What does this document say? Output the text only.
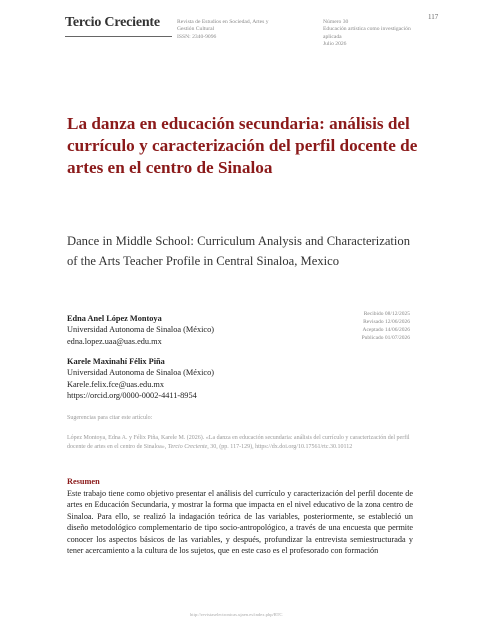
Tercio Creciente	Revista de Estudios en Sociedad, Artes y
Gestión Cultural
ISSN: 2340-9096
Número 30
Educación artística como investigación
aplicada
Julio 2026
117
La danza en educación secundaria: análisis del currículo y caracterización del perfil docente de artes en el centro de Sinaloa
Dance in Middle School: Curriculum Analysis and Characterization of the Arts Teacher Profile in Central Sinaloa, Mexico
Edna Anel López Montoya
Universidad Autonoma de Sinaloa (México)
edna.lopez.uaa@uas.edu.mx
Karele Maxinahí Félix Piña
Universidad Autonoma de Sinaloa (México)
Karele.felix.fce@uas.edu.mx
https://orcid.org/0000-0002-4411-8954
Recibido 08/12/2025
Revisado 12/06/2026
Aceptado 14/06/2026
Publicado 01/07/2026
Sugerencias para citar este artículo:
López Montoya, Edna A. y Félix Piña, Karele M. (2026). «La danza en educación secundaria: análisis del currículo y caracterización del perfil docente de artes en el centro de Sinaloa», Tercio Creciente, 30, (pp. 117-129), https://dx.doi.org/10.17561/rtc.30.10112
Resumen
Este trabajo tiene como objetivo presentar el análisis del currículo y caracterización del perfil docente de artes en Educación Secundaria, y mostrar la forma que impacta en el nivel educativo de la zona centro de Sinaloa. Para ello, se realizó la indagación teórica de las variables, posteriormente, se estableció un diseño metodológico complementario de tipo socio-antropológico, a través de una encuesta que permite conocer los aspectos básicos de las variables, y después, profundizar la entrevista semiestructurada y tener acercamiento a la cultura de los sujetos, que en este caso es el profesorado con formación
http://revistaselectronicas.ujaen.es/index.php/RTC
